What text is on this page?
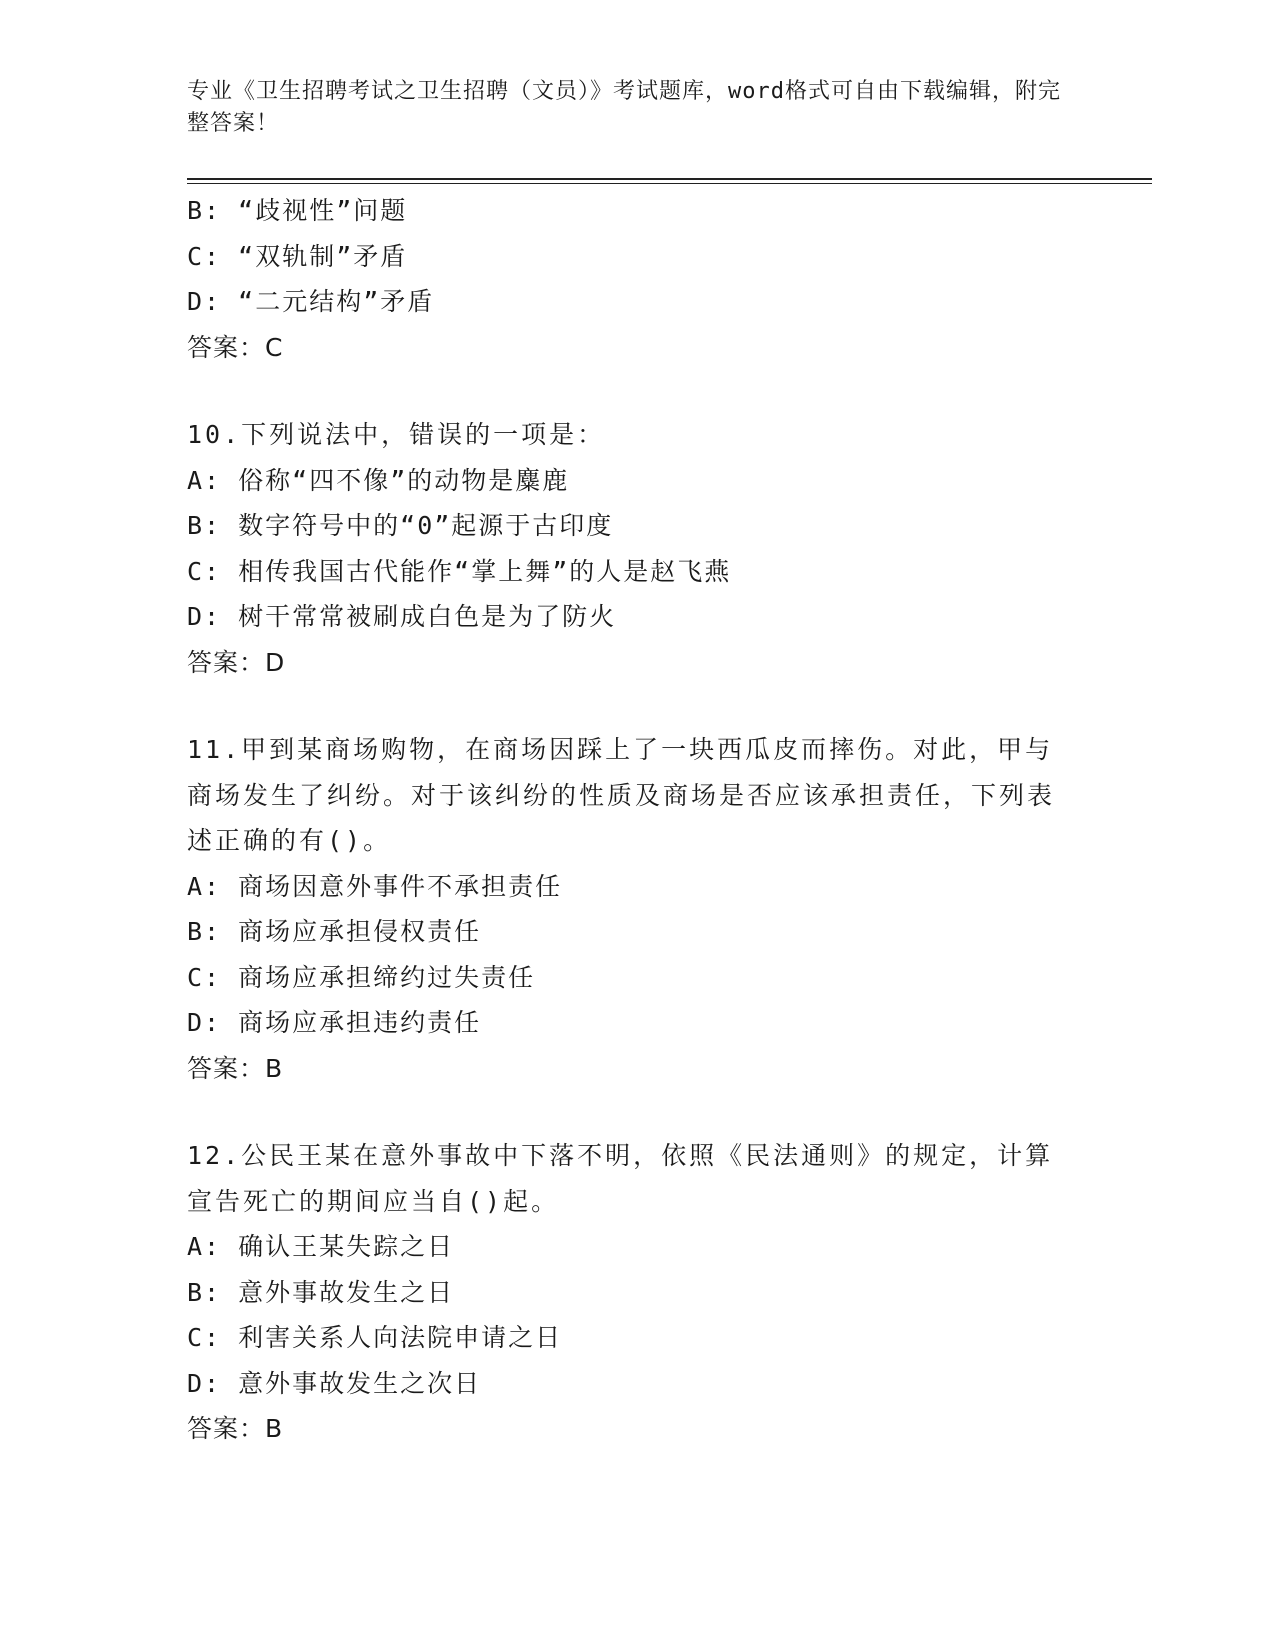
专业《卫生招聘考试之卫生招聘（文员）》考试题库，word格式可自由下载编辑，附完整答案！
B: “歧视性”问题
C: “双轨制”矛盾
D: “二元结构”矛盾
答案：C
10.下列说法中，错误的一项是：
A: 俗称“四不像”的动物是麋鹿
B: 数字符号中的“0”起源于古印度
C: 相传我国古代能作“掌上舞”的人是赵飞燕
D: 树干常常被刷成白色是为了防火
答案：D
11.甲到某商场购物，在商场因踩上了一块西瓜皮而摔伤。对此，甲与商场发生了纠纷。对于该纠纷的性质及商场是否应该承担责任，下列表述正确的有()。
A: 商场因意外事件不承担责任
B: 商场应承担侵权责任
C: 商场应承担缔约过失责任
D: 商场应承担违约责任
答案：B
12.公民王某在意外事故中下落不明，依照《民法通则》的规定，计算宣告死亡的期间应当自()起。
A: 确认王某失踪之日
B: 意外事故发生之日
C: 利害关系人向法院申请之日
D: 意外事故发生之次日
答案：B
